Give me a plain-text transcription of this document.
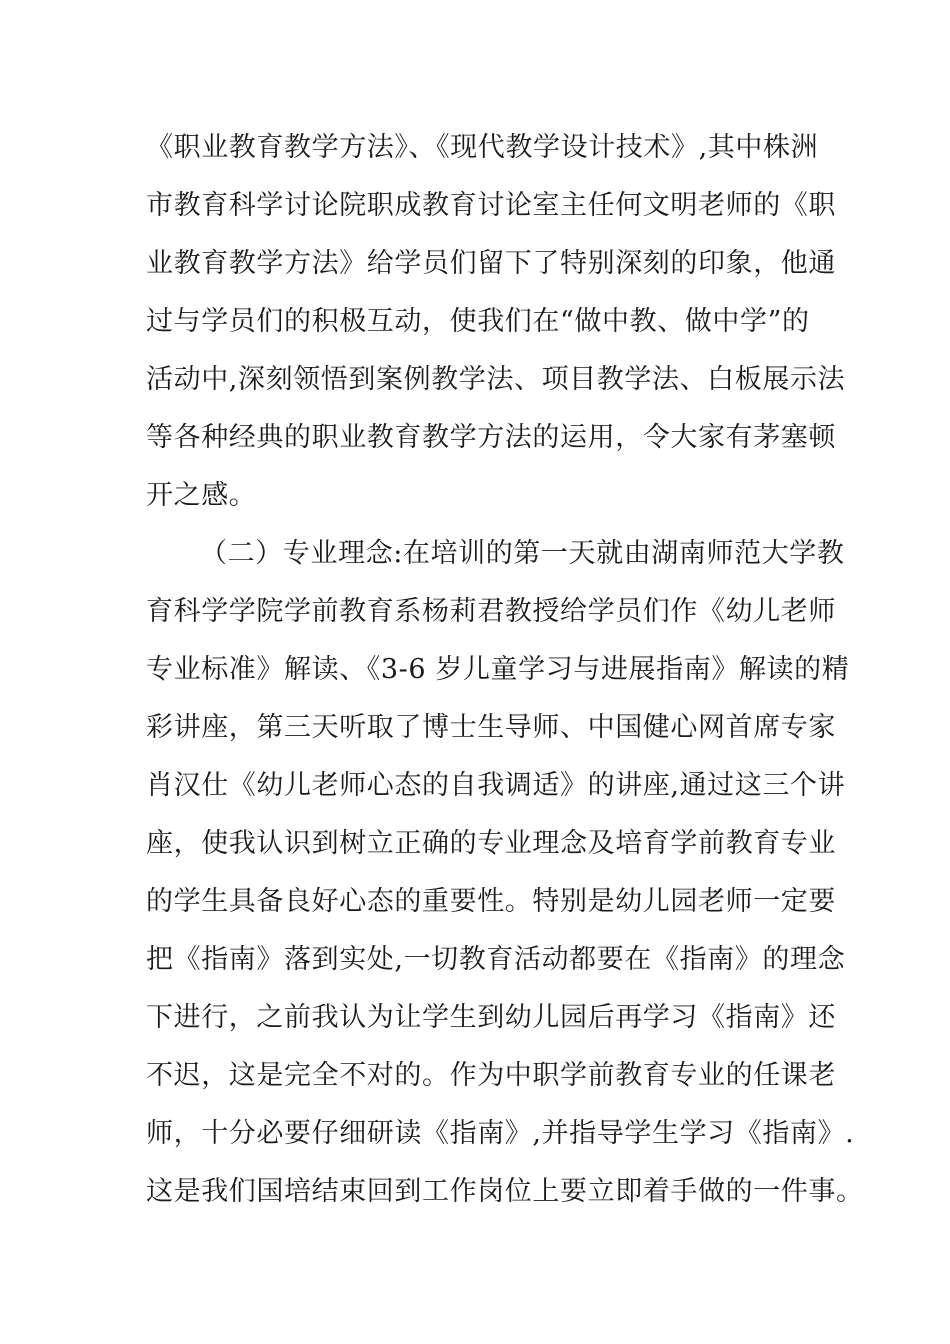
《职业教育教学方法》、《现代教学设计技术》,其中株洲
市教育科学讨论院职成教育讨论室主任何文明老师的《职
业教育教学方法》给学员们留下了特别深刻的印象，他通
过与学员们的积极互动，使我们在“做中教、做中学”的
活动中,深刻领悟到案例教学法、项目教学法、白板展示法
等各种经典的职业教育教学方法的运用，令大家有茅塞顿
开之感。
（二）专业理念:在培训的第一天就由湖南师范大学教
育科学学院学前教育系杨莉君教授给学员们作《幼儿老师
专业标准》解读、《3-6 岁儿童学习与进展指南》解读的精
彩讲座，第三天听取了博士生导师、中国健心网首席专家
肖汉仕《幼儿老师心态的自我调适》的讲座,通过这三个讲
座，使我认识到树立正确的专业理念及培育学前教育专业
的学生具备良好心态的重要性。特别是幼儿园老师一定要
把《指南》落到实处,一切教育活动都要在《指南》的理念
下进行，之前我认为让学生到幼儿园后再学习《指南》还
不迟，这是完全不对的。作为中职学前教育专业的任课老
师，十分必要仔细研读《指南》,并指导学生学习《指南》.
这是我们国培结束回到工作岗位上要立即着手做的一件事。
